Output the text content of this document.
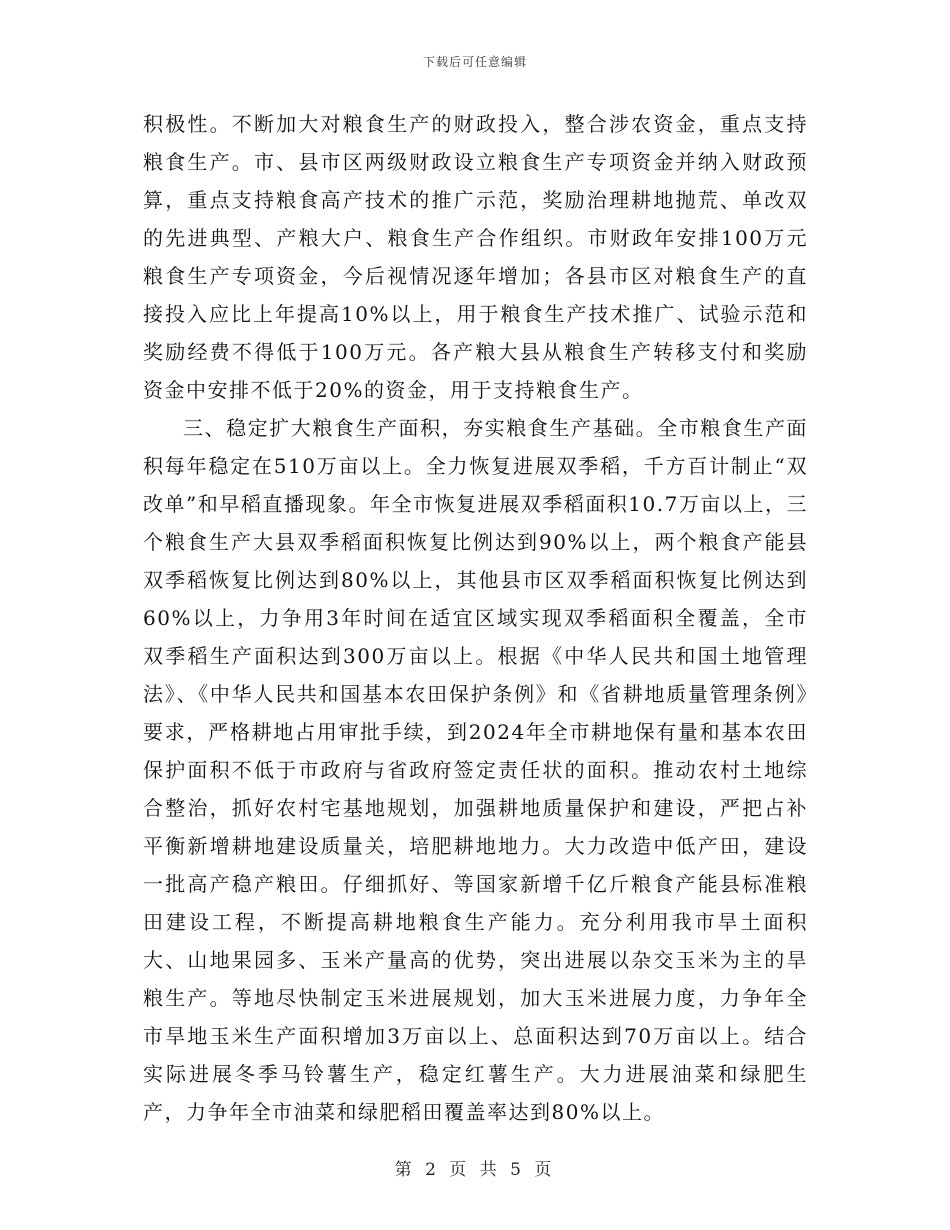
下载后可任意编辑

积极性。不断加大对粮食生产的财政投入，整合涉农资金，重点支持粮食生产。市、县市区两级财政设立粮食生产专项资金并纳入财政预算，重点支持粮食高产技术的推广示范，奖励治理耕地抛荒、单改双的先进典型、产粮大户、粮食生产合作组织。市财政年安排100万元粮食生产专项资金，今后视情况逐年增加；各县市区对粮食生产的直接投入应比上年提高10%以上，用于粮食生产技术推广、试验示范和奖励经费不得低于100万元。各产粮大县从粮食生产转移支付和奖励资金中安排不低于20%的资金，用于支持粮食生产。

三、稳定扩大粮食生产面积，夯实粮食生产基础。全市粮食生产面积每年稳定在510万亩以上。全力恢复进展双季稻，千方百计制止“双改单”和早稻直播现象。年全市恢复进展双季稻面积10.7万亩以上，三个粮食生产大县双季稻面积恢复比例达到90%以上，两个粮食产能县双季稻恢复比例达到80%以上，其他县市区双季稻面积恢复比例达到60%以上，力争用3年时间在适宜区域实现双季稻面积全覆盖，全市双季稻生产面积达到300万亩以上。根据《中华人民共和国土地管理法》、《中华人民共和国基本农田保护条例》和《省耕地质量管理条例》要求，严格耕地占用审批手续，到2024年全市耕地保有量和基本农田保护面积不低于市政府与省政府签定责任状的面积。推动农村土地综合整治，抓好农村宅基地规划，加强耕地质量保护和建设，严把占补平衡新增耕地建设质量关，培肥耕地地力。大力改造中低产田，建设一批高产稳产粮田。仔细抓好、等国家新增千亿斤粮食产能县标准粮田建设工程，不断提高耕地粮食生产能力。充分利用我市旱土面积大、山地果园多、玉米产量高的优势，突出进展以杂交玉米为主的旱粮生产。等地尽快制定玉米进展规划，加大玉米进展力度，力争年全市旱地玉米生产面积增加3万亩以上、总面积达到70万亩以上。结合实际进展冬季马铃薯生产，稳定红薯生产。大力进展油菜和绿肥生产，力争年全市油菜和绿肥稻田覆盖率达到80%以上。

第 2 页 共 5 页
